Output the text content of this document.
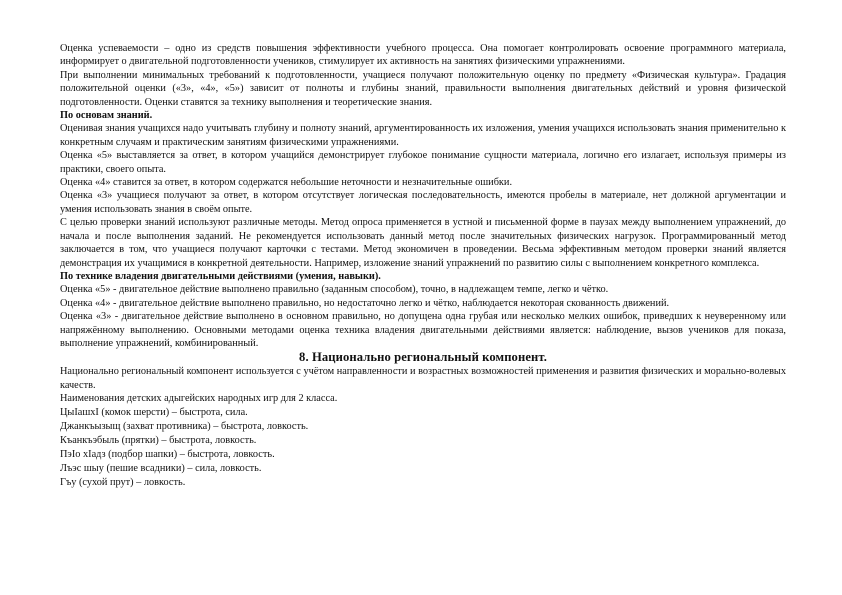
Оценка успеваемости – одно из средств повышения эффективности учебного процесса. Она помогает контролировать освоение программного материала, информирует о двигательной подготовленности учеников, стимулирует их активность на занятиях физическими упражнениями.

При выполнении минимальных требований к подготовленности, учащиеся получают положительную оценку по предмету «Физическая культура». Градация положительной оценки («3», «4», «5») зависит от полноты и глубины знаний, правильности выполнения двигательных действий и уровня физической подготовленности. Оценки ставятся за технику выполнения и теоретические знания.

По основам знаний.

Оценивая знания учащихся надо учитывать глубину и полноту знаний, аргументированность их изложения, умения учащихся использовать знания применительно к конкретным случаям и практическим занятиям физическими упражнениями.

Оценка «5» выставляется за ответ, в котором учащийся демонстрирует глубокое понимание сущности материала, логично его излагает, используя примеры из практики, своего опыта.

Оценка «4» ставится за ответ, в котором содержатся небольшие неточности и незначительные ошибки.

Оценка «3» учащиеся получают за ответ, в котором отсутствует логическая последовательность, имеются пробелы в материале, нет должной аргументации и умения использовать знания в своём опыте.

С целью проверки знаний используют различные методы. Метод опроса применяется в устной и письменной форме в паузах между выполнением упражнений, до начала и после выполнения заданий. Не рекомендуется использовать данный метод после значительных физических нагрузок. Программированный метод заключается в том, что учащиеся получают карточки с тестами. Метод экономичен в проведении. Весьма эффективным методом проверки знаний является демонстрация их учащимися в конкретной деятельности. Например, изложение знаний упражнений по развитию силы с выполнением конкретного комплекса.

По технике владения двигательными действиями (умения, навыки).

Оценка «5» - двигательное действие выполнено правильно (заданным способом), точно, в надлежащем темпе, легко и чётко.

Оценка «4» - двигательное действие выполнено правильно, но недостаточно легко и чётко, наблюдается некоторая скованность движений.

Оценка «3» - двигательное действие выполнено в основном правильно, но допущена одна грубая или несколько мелких ошибок, приведших к неуверенному или напряжённому выполнению. Основными методами оценка техника владения двигательными действиями является: наблюдение, вызов учеников для показа, выполнение упражнений, комбинированный.

8. Национально региональный компонент.

Национально региональный компонент используется с учётом направленности и возрастных возможностей применения и развития физических и морально-волевых качеств.

Наименования детских адыгейских народных игр для 2 класса.

ЦыIашхI (комок шерсти) – быстрота, сила.

Джанкъызыщ (захват противника) – быстрота, ловкость.

Къанкъэбыль (прятки) – быстрота, ловкость.

ПэIо хIадз (подбор шапки) – быстрота, ловкость.

Лъэс шыу (пешие всадники) – сила, ловкость.

Гъу (сухой прут) – ловкость.
